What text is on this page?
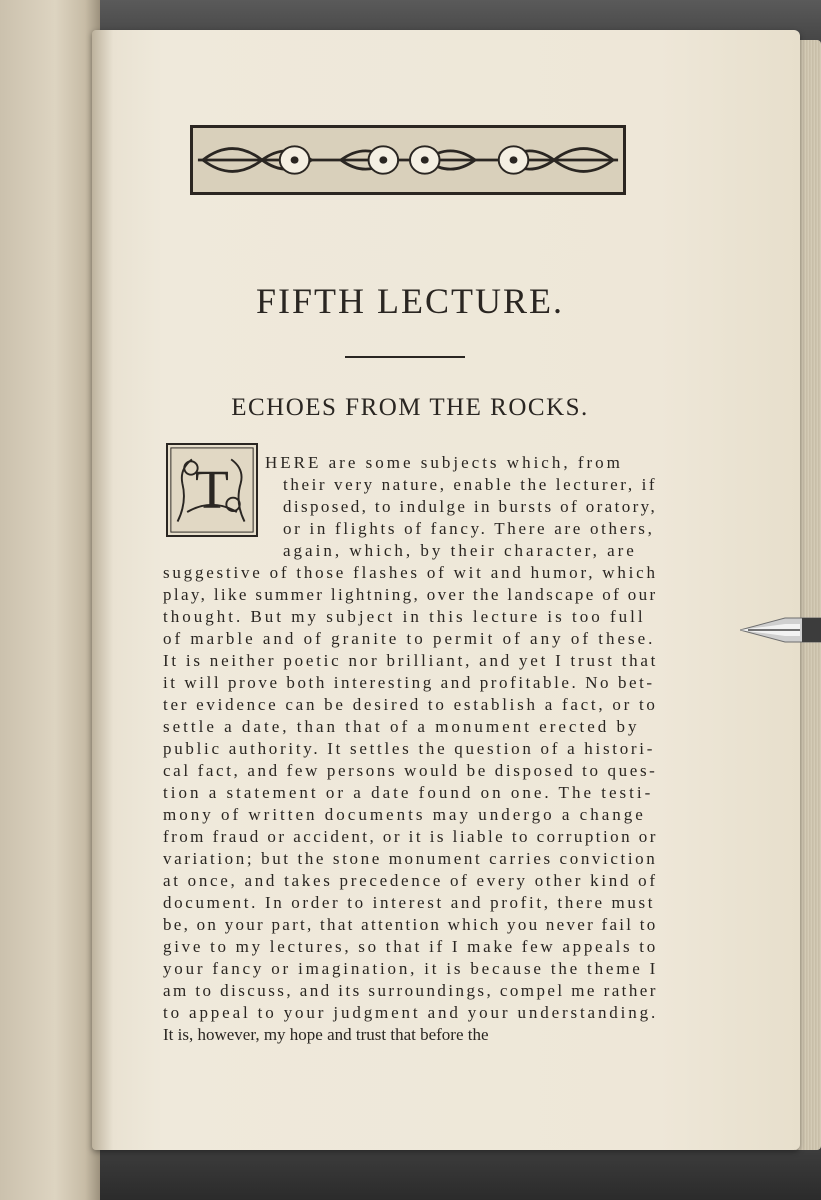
FIFTH LECTURE.
ECHOES FROM THE ROCKS.
T HERE are some subjects which, from
their very nature, enable the lecturer, if
disposed, to indulge in bursts of oratory,
or in flights of fancy. There are others,
again, which, by their character, are
suggestive of those flashes of wit and humor, which
play, like summer lightning, over the landscape of our
thought. But my subject in this lecture is too full
of marble and of granite to permit of any of these.
It is neither poetic nor brilliant, and yet I trust that
it will prove both interesting and profitable. No bet-
ter evidence can be desired to establish a fact, or to
settle a date, than that of a monument erected by
public authority. It settles the question of a histori-
cal fact, and few persons would be disposed to ques-
tion a statement or a date found on one. The testi-
mony of written documents may undergo a change
from fraud or accident, or it is liable to corruption or
variation; but the stone monument carries conviction
at once, and takes precedence of every other kind of
document. In order to interest and profit, there must
be, on your part, that attention which you never fail to
give to my lectures, so that if I make few appeals to
your fancy or imagination, it is because the theme I
am to discuss, and its surroundings, compel me rather
to appeal to your judgment and your understanding.
It is, however, my hope and trust that before the
